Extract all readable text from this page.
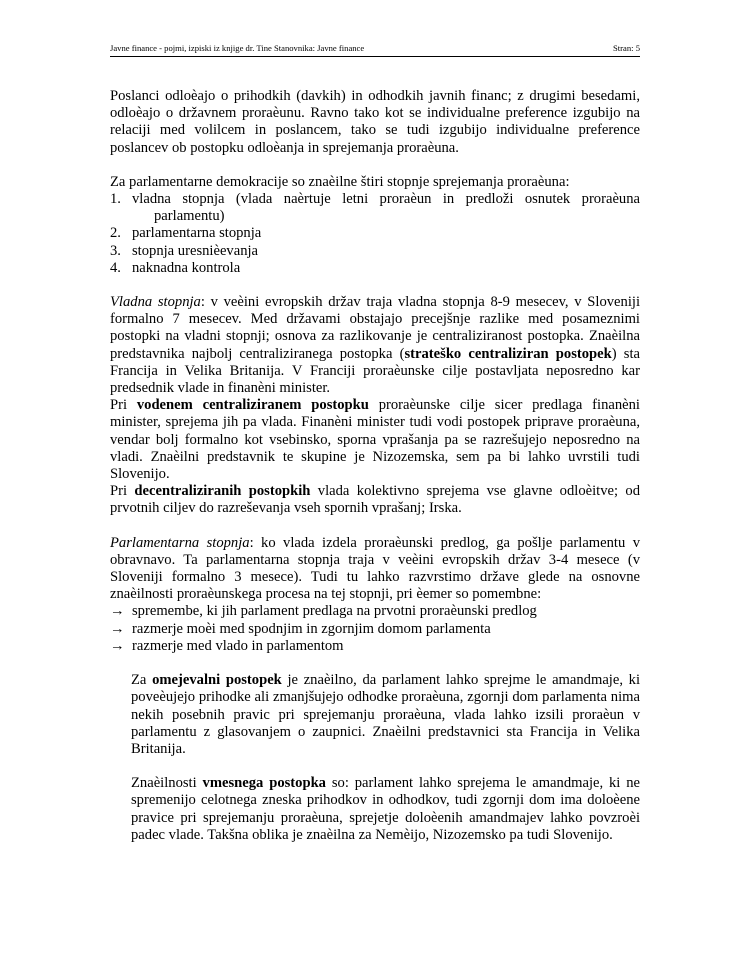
Javne finance - pojmi, izpiski iz knjige dr. Tine Stanovnika: Javne finance	Stran: 5

Poslanci odloèajo o prihodkih (davkih) in odhodkih javnih financ; z drugimi besedami, odloèajo o državnem proraèunu. Ravno tako kot se individualne preference izgubijo na relaciji med volilcem in poslancem, tako se tudi izgubijo individualne preference poslancev ob postopku odloèanja in sprejemanja proraèuna.

Za parlamentarne demokracije so znaèilne štiri stopnje sprejemanja proraèuna:

1. vladna stopnja (vlada naèrtuje letni proraèun in predloži osnutek proraèuna
parlamentu)
2. parlamentarna stopnja
3. stopnja uresnièevanja
4. naknadna kontrola

Vladna stopnja: v veèini evropskih držav traja vladna stopnja 8-9 mesecev, v Sloveniji formalno 7 mesecev. Med državami obstajajo precejšnje razlike med posameznimi postopki na vladni stopnji; osnova za razlikovanje je centraliziranost postopka. Znaèilna predstavnika najbolj centraliziranega postopka (strateško centraliziran postopek) sta Francija in Velika Britanija. V Franciji proraèunske cilje postavljata neposredno kar predsednik vlade in finanèni minister.

Pri vodenem centraliziranem postopku proraèunske cilje sicer predlaga finanèni minister, sprejema jih pa vlada. Finanèni minister tudi vodi postopek priprave proraèuna, vendar bolj formalno kot vsebinsko, sporna vprašanja pa se razrešujejo neposredno na vladi. Znaèilni predstavnik te skupine je Nizozemska, sem pa bi lahko uvrstili tudi Slovenijo.

Pri decentraliziranih postopkih vlada kolektivno sprejema vse glavne odloèitve; od prvotnih ciljev do razreševanja vseh spornih vprašanj; Irska.

Parlamentarna stopnja: ko vlada izdela proraèunski predlog, ga pošlje parlamentu v obravnavo. Ta parlamentarna stopnja traja v veèini evropskih držav 3-4 mesece (v Sloveniji formalno 3 mesece). Tudi tu lahko razvrstimo države glede na osnovne znaèilnosti proraèunskega procesa na tej stopnji, pri èemer so pomembne:

→ spremembe, ki jih parlament predlaga na prvotni proraèunski predlog
→ razmerje moèi med spodnjim in zgornjim domom parlamenta
→ razmerje med vlado in parlamentom

Za omejevalni postopek je znaèilno, da parlament lahko sprejme le amandmaje, ki poveèujejo prihodke ali zmanjšujejo odhodke proraèuna, zgornji dom parlamenta nima nekih posebnih pravic pri sprejemanju proraèuna, vlada lahko izsili proraèun v parlamentu z glasovanjem o zaupnici. Znaèilni predstavnici sta Francija in Velika Britanija.

Znaèilnosti vmesnega postopka so: parlament lahko sprejema le amandmaje, ki ne spremenijo celotnega zneska prihodkov in odhodkov, tudi zgornji dom ima doloèene pravice pri sprejemanju proraèuna, sprejetje doloèenih amandmajev lahko povzroèi padec vlade. Takšna oblika je znaèilna za Nemèijo, Nizozemsko pa tudi Slovenijo.
